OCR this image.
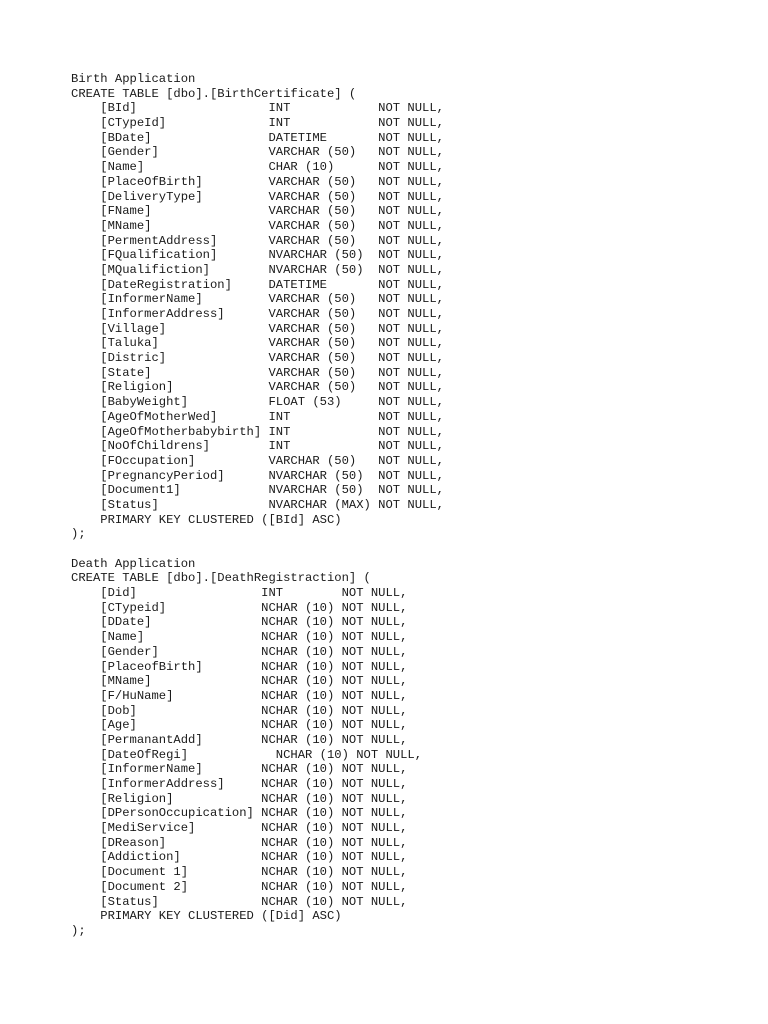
Birth Application
CREATE TABLE [dbo].[BirthCertificate] (
[BId]                  INT            NOT NULL,
[CTypeId]              INT            NOT NULL,
[BDate]                DATETIME       NOT NULL,
[Gender]               VARCHAR (50)   NOT NULL,
[Name]                 CHAR (10)      NOT NULL,
[PlaceOfBirth]         VARCHAR (50)   NOT NULL,
[DeliveryType]         VARCHAR (50)   NOT NULL,
[FName]                VARCHAR (50)   NOT NULL,
[MName]                VARCHAR (50)   NOT NULL,
[PermentAddress]       VARCHAR (50)   NOT NULL,
[FQualification]       NVARCHAR (50)  NOT NULL,
[MQualifiction]        NVARCHAR (50)  NOT NULL,
[DateRegistration]     DATETIME       NOT NULL,
[InformerName]         VARCHAR (50)   NOT NULL,
[InformerAddress]      VARCHAR (50)   NOT NULL,
[Village]              VARCHAR (50)   NOT NULL,
[Taluka]               VARCHAR (50)   NOT NULL,
[Distric]              VARCHAR (50)   NOT NULL,
[State]                VARCHAR (50)   NOT NULL,
[Religion]             VARCHAR (50)   NOT NULL,
[BabyWeight]           FLOAT (53)     NOT NULL,
[AgeOfMotherWed]       INT            NOT NULL,
[AgeOfMotherbabybirth] INT            NOT NULL,
[NoOfChildrens]        INT            NOT NULL,
[FOccupation]          VARCHAR (50)   NOT NULL,
[PregnancyPeriod]      NVARCHAR (50)  NOT NULL,
[Document1]            NVARCHAR (50)  NOT NULL,
[Status]               NVARCHAR (MAX) NOT NULL,
PRIMARY KEY CLUSTERED ([BId] ASC)
);
Death Application
CREATE TABLE [dbo].[DeathRegistraction] (
[Did]                 INT        NOT NULL,
[CTypeid]             NCHAR (10) NOT NULL,
[DDate]               NCHAR (10) NOT NULL,
[Name]                NCHAR (10) NOT NULL,
[Gender]              NCHAR (10) NOT NULL,
[PlaceofBirth]        NCHAR (10) NOT NULL,
[MName]               NCHAR (10) NOT NULL,
[F/HuName]            NCHAR (10) NOT NULL,
[Dob]                 NCHAR (10) NOT NULL,
[Age]                 NCHAR (10) NOT NULL,
[PermanantAdd]        NCHAR (10) NOT NULL,
[DateOfRegi]            NCHAR (10) NOT NULL,
[InformerName]        NCHAR (10) NOT NULL,
[InformerAddress]     NCHAR (10) NOT NULL,
[Religion]            NCHAR (10) NOT NULL,
[DPersonOccupication] NCHAR (10) NOT NULL,
[MediService]         NCHAR (10) NOT NULL,
[DReason]             NCHAR (10) NOT NULL,
[Addiction]           NCHAR (10) NOT NULL,
[Document 1]          NCHAR (10) NOT NULL,
[Document 2]          NCHAR (10) NOT NULL,
[Status]              NCHAR (10) NOT NULL,
PRIMARY KEY CLUSTERED ([Did] ASC)
);
